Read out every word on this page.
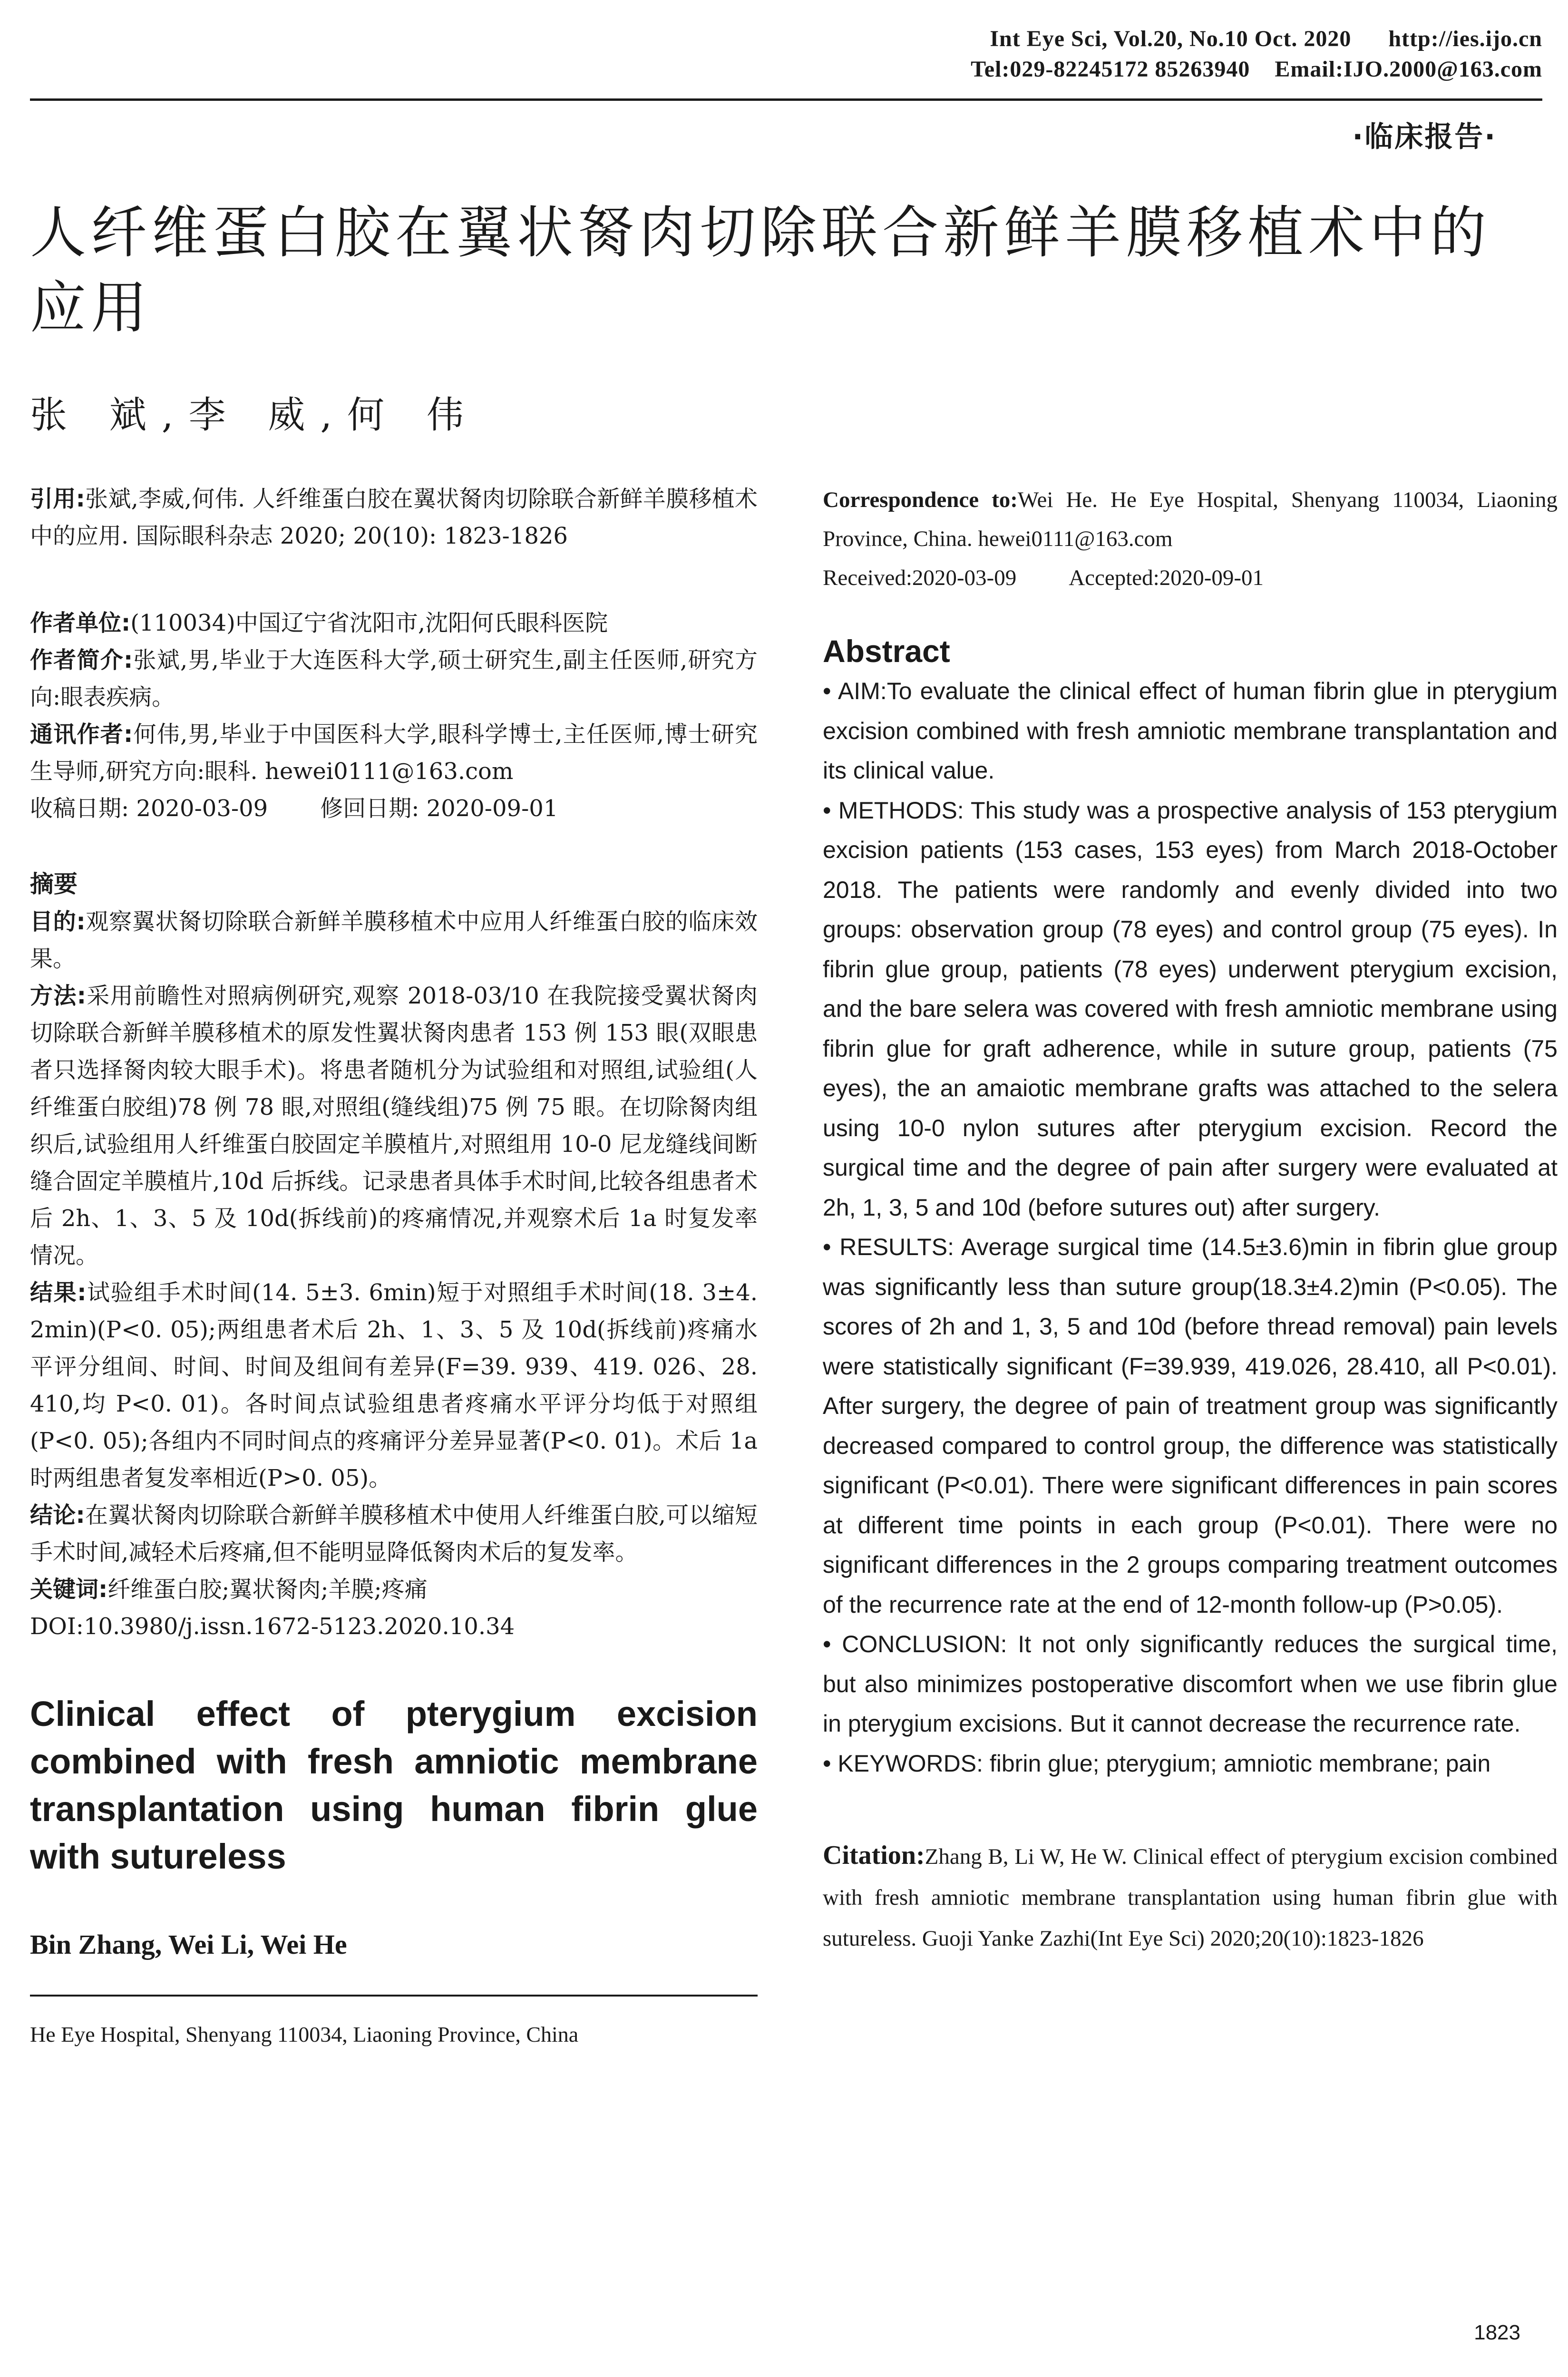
Int Eye Sci, Vol.20, No.10 Oct. 2020 http://ies.ijo.cn
Tel:029-82245172 85263940 Email:IJO.2000@163.com
·临床报告·
人纤维蛋白胶在翼状胬肉切除联合新鲜羊膜移植术中的应用
张 斌,李 威,何 伟
引用:张斌,李威,何伟. 人纤维蛋白胶在翼状胬肉切除联合新鲜羊膜移植术中的应用. 国际眼科杂志 2020; 20(10): 1823-1826

作者单位:(110034)中国辽宁省沈阳市,沈阳何氏眼科医院

作者简介:张斌,男,毕业于大连医科大学,硕士研究生,副主任医师,研究方向:眼表疾病。

通讯作者:何伟,男,毕业于中国医科大学,眼科学博士,主任医师,博士研究生导师,研究方向:眼科. hewei0111@163.com

收稿日期: 2020-03-09 修回日期: 2020-09-01

摘要

目的:观察翼状胬切除联合新鲜羊膜移植术中应用人纤维蛋白胶的临床效果。

方法:采用前瞻性对照病例研究,观察 2018-03/10 在我院接受翼状胬肉切除联合新鲜羊膜移植术的原发性翼状胬肉患者 153 例 153 眼(双眼患者只选择胬肉较大眼手术)。将患者随机分为试验组和对照组,试验组(人纤维蛋白胶组)78 例 78 眼,对照组(缝线组)75 例 75 眼。在切除胬肉组织后,试验组用人纤维蛋白胶固定羊膜植片,对照组用 10-0 尼龙缝线间断缝合固定羊膜植片,10d 后拆线。记录患者具体手术时间,比较各组患者术后 2h、1、3、5 及 10d(拆线前)的疼痛情况,并观察术后 1a 时复发率情况。

结果:试验组手术时间(14. 5±3. 6min)短于对照组手术时间(18. 3±4. 2min)(P<0. 05);两组患者术后 2h、1、3、5 及 10d(拆线前)疼痛水平评分组间、时间、时间及组间有差异(F=39. 939、419. 026、28. 410,均 P<0. 01)。各时间点试验组患者疼痛水平评分均低于对照组(P<0. 05);各组内不同时间点的疼痛评分差异显著(P<0. 01)。术后 1a 时两组患者复发率相近(P>0. 05)。

结论:在翼状胬肉切除联合新鲜羊膜移植术中使用人纤维蛋白胶,可以缩短手术时间,减轻术后疼痛,但不能明显降低胬肉术后的复发率。

关键词:纤维蛋白胶;翼状胬肉;羊膜;疼痛

DOI:10.3980/j.issn.1672-5123.2020.10.34

Clinical effect of pterygium excision combined with fresh amniotic membrane transplantation using human fibrin glue with sutureless
Bin Zhang, Wei Li, Wei He
He Eye Hospital, Shenyang 110034, Liaoning Province, China
Correspondence to:Wei He. He Eye Hospital, Shenyang 110034, Liaoning Province, China. hewei0111@163.com
Received:2020-03-09 Accepted:2020-09-01
Abstract

• AIM:To evaluate the clinical effect of human fibrin glue in pterygium excision combined with fresh amniotic membrane transplantation and its clinical value.

• METHODS: This study was a prospective analysis of 153 pterygium excision patients (153 cases, 153 eyes) from March 2018-October 2018. The patients were randomly and evenly divided into two groups: observation group (78 eyes) and control group (75 eyes). In fibrin glue group, patients (78 eyes) underwent pterygium excision, and the bare selera was covered with fresh amniotic membrane using fibrin glue for graft adherence, while in suture group, patients (75 eyes), the an amaiotic membrane grafts was attached to the selera using 10-0 nylon sutures after pterygium excision. Record the surgical time and the degree of pain after surgery were evaluated at 2h, 1, 3, 5 and 10d (before sutures out) after surgery.

• RESULTS: Average surgical time (14.5±3.6)min in fibrin glue group was significantly less than suture group(18.3±4.2)min (P<0.05). The scores of 2h and 1, 3, 5 and 10d (before thread removal) pain levels were statistically significant (F=39.939, 419.026, 28.410, all P<0.01). After surgery, the degree of pain of treatment group was significantly decreased compared to control group, the difference was statistically significant (P<0.01). There were significant differences in pain scores at different time points in each group (P<0.01). There were no significant differences in the 2 groups comparing treatment outcomes of the recurrence rate at the end of 12-month follow-up (P>0.05).

• CONCLUSION: It not only significantly reduces the surgical time, but also minimizes postoperative discomfort when we use fibrin glue in pterygium excisions. But it cannot decrease the recurrence rate.

• KEYWORDS: fibrin glue; pterygium; amniotic membrane; pain

Citation:Zhang B, Li W, He W. Clinical effect of pterygium excision combined with fresh amniotic membrane transplantation using human fibrin glue with sutureless. Guoji Yanke Zazhi(Int Eye Sci) 2020;20(10):1823-1826
1823
